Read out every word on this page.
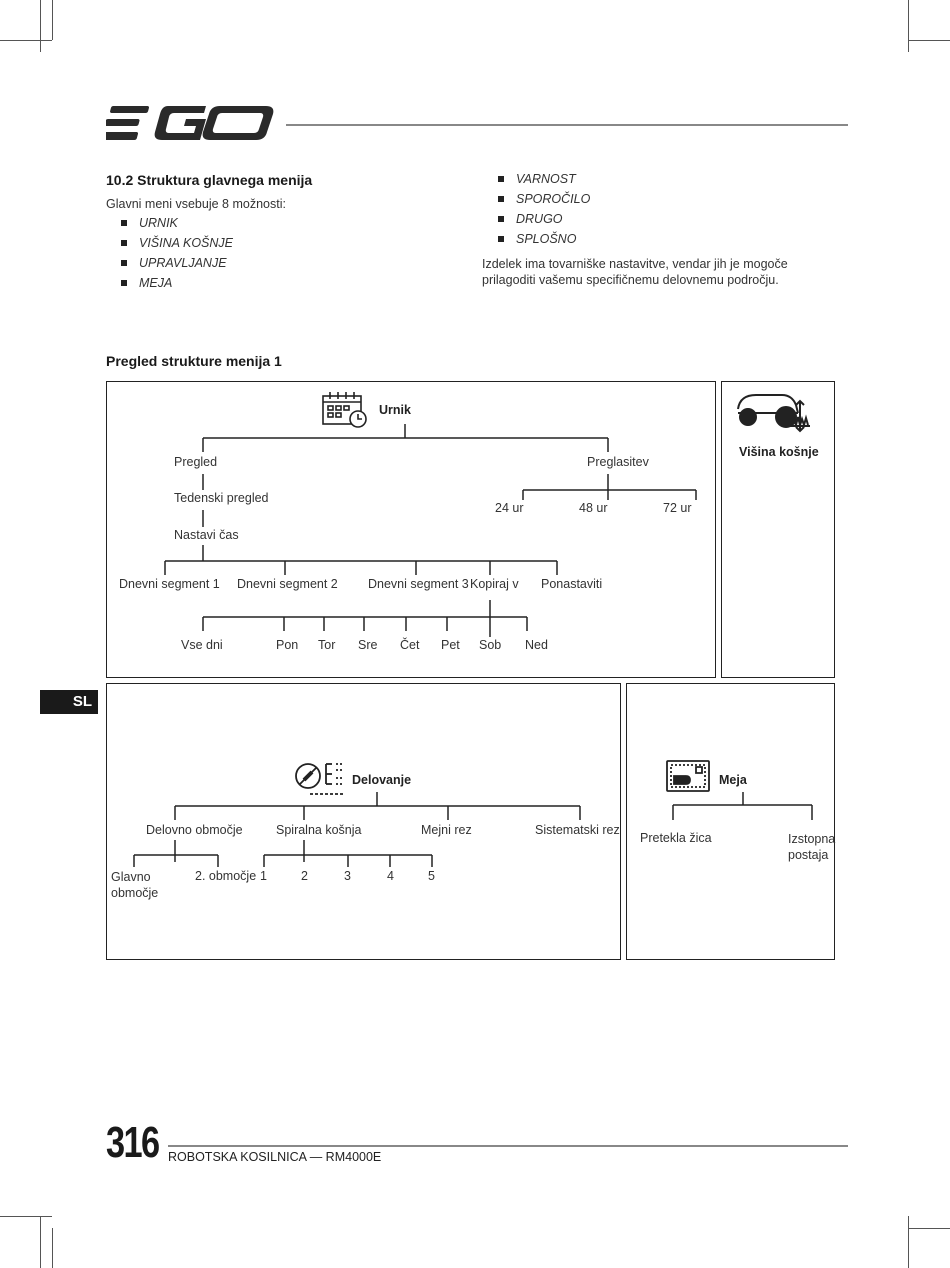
EGO
10.2 Struktura glavnega menija
Glavni meni vsebuje 8 možnosti:
URNIK
VIŠINA KOŠNJE
UPRAVLJANJE
MEJA
VARNOST
SPOROČILO
DRUGO
SPLOŠNO
Izdelek ima tovarniške nastavitve, vendar jih je mogoče prilagoditi vašemu specifičnemu delovnemu področju.
Pregled strukture menija 1
SL
Urnik
Pregled
Tedenski pregled
Nastavi čas
Preglasitev
24 ur	48 ur	72 ur
Dnevni segment 1 Dnevni segment 2 Dnevni segment 3 Kopiraj v Ponastaviti
Vse dni	Pon Tor Sre Čet Pet Sob Ned
Višina košnje
Delovanje
Delovno območje	Spiralna košnja	Mejni rez	Sistematski rez
Glavno območje
2. območje 1	2	3	4	5
Meja
Pretekla žica	Izstopna postaja
316 ROBOTSKA KOSILNICA — RM4000E
